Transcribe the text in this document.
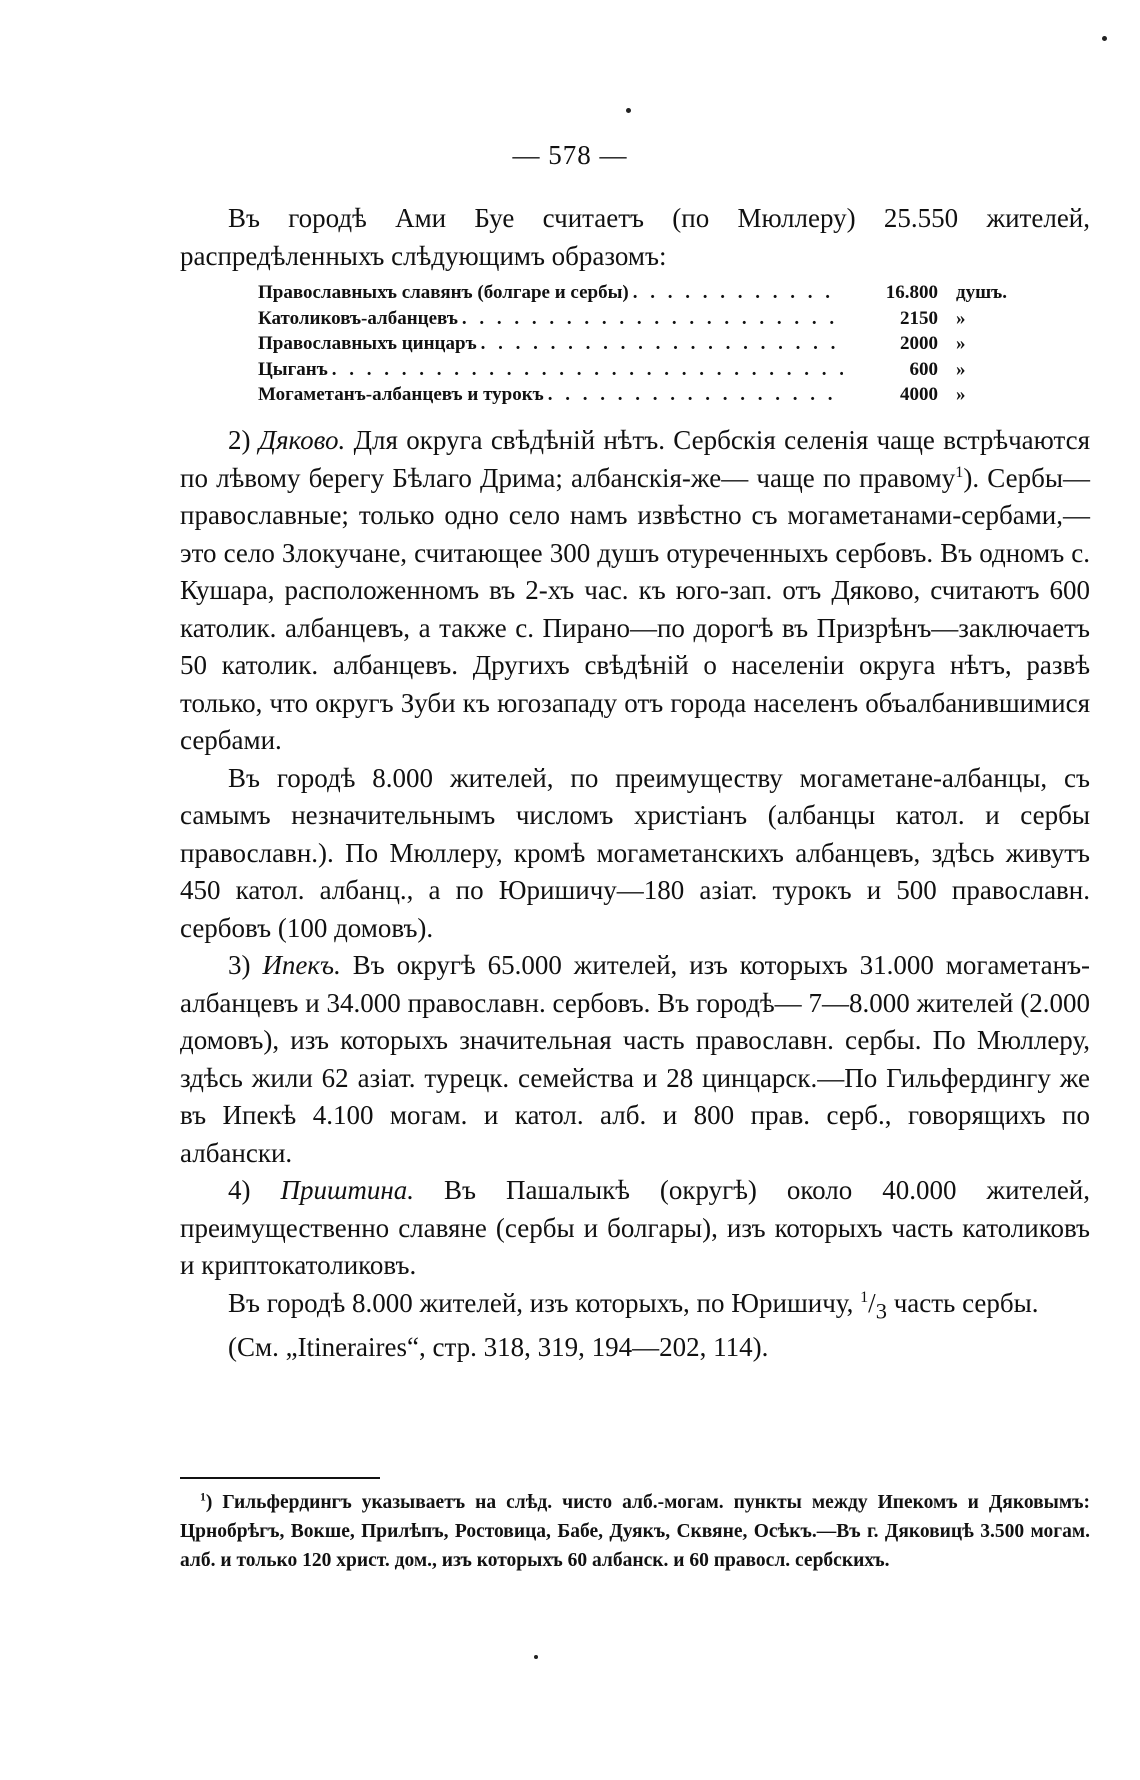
— 578 —

Въ городѣ Ами Буе считаетъ (по Мюллеру) 25.550 жителей, распредѣленныхъ слѣдующимъ образомъ:

Православныхъ славянъ (болгаре и сербы) . . .	16.800 душъ.
Католиковъ-албанцевъ . . .	2150 »
Православныхъ цинцаръ . . .	2000 »
Цыганъ . . .	600 »
Могаметанъ-албанцевъ и турокъ . . .	4000 »

2) Дяково. Для округа свѣдѣній нѣтъ. Сербскія селенія чаще встрѣчаются по лѣвому берегу Бѣлаго Дрима; албанскія-же— чаще по правому$^1$). Сербы—православные; только одно село намъ извѣстно съ могаметанами-сербами,—это село Злокучане, считающее 300 душъ отуреченныхъ сербовъ. Въ одномъ с. Кушара, расположенномъ въ 2-хъ час. къ юго-зап. отъ Дяково, считаютъ 600 католик. албанцевъ, а также с. Пирано—по дорогѣ въ Призрѣнъ—заключаетъ 50 католик. албанцевъ. Другихъ свѣдѣній о населеніи округа нѣтъ, развѣ только, что округъ Зуби къ югозападу отъ города населенъ объалбанившимися сербами.

Въ городѣ 8.000 жителей, по преимуществу могаметане-албанцы, съ самымъ незначительнымъ числомъ христіанъ (албанцы катол. и сербы православн.). По Мюллеру, кромѣ могаметанскихъ албанцевъ, здѣсь живутъ 450 катол. албанц., а по Юришичу—180 азіат. турокъ и 500 православн. сербовъ (100 домовъ).

3) Ипекъ. Въ округѣ 65.000 жителей, изъ которыхъ 31.000 могаметанъ-албанцевъ и 34.000 православн. сербовъ. Въ городѣ— 7—8.000 жителей (2.000 домовъ), изъ которыхъ значительная часть православн. сербы. По Мюллеру, здѣсь жили 62 азіат. турецк. семейства и 28 цинцарск.—По Гильфердингу же въ Ипекѣ 4.100 могам. и катол. алб. и 800 прав. серб., говорящихъ по албански.

4) Приштина. Въ Пашалыкѣ (округѣ) около 40.000 жителей, преимущественно славяне (сербы и болгары), изъ которыхъ часть католиковъ и криптокатоликовъ.

Въ городѣ 8.000 жителей, изъ которыхъ, по Юришичу, $^1/_3$ часть сербы.

(См. „Itineraires“, стр. 318, 319, 194—202, 114).

$^1$) Гильфердингъ указываетъ на слѣд. чисто алб.-могам. пункты между Ипекомъ и Дяковымъ: Црнобрѣгъ, Вокше, Прилѣпъ, Ростовица, Бабе, Дуякъ, Сквяне, Осѣкъ.—Въ г. Дяковицѣ 3.500 могам. алб. и только 120 христ. дом., изъ которыхъ 60 албанск. и 60 правосл. сербскихъ.
